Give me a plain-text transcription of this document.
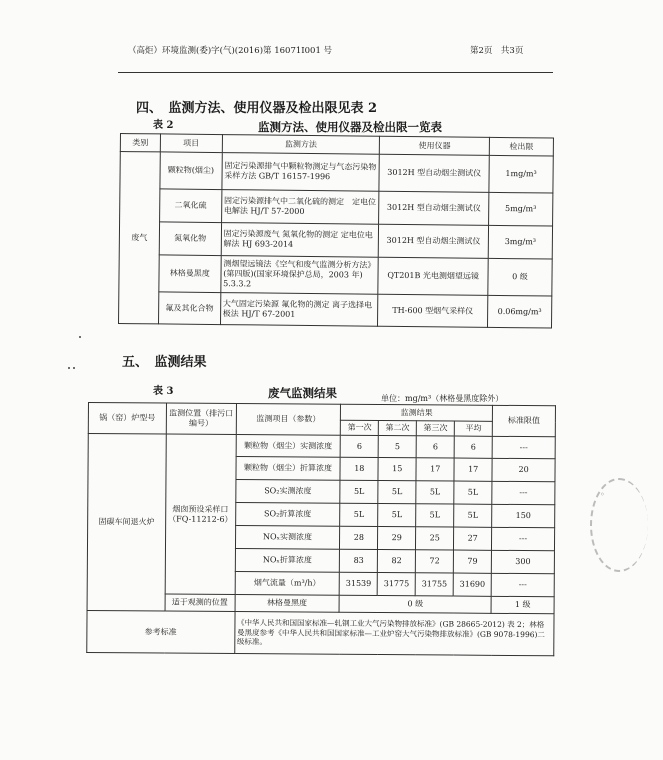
（高炬）环境监测(委)字(气)(2016)第 16071I001 号	第2页　共3页
四、　监测方法、使用仪器及检出限见表 2
表 2	监测方法、使用仪器及检出限一览表
类别	项目	监测方法	使用仪器	检出限
废气	颗粒物(烟尘)	固定污染源排气中颗粒物测定与气态污染物采样方法 GB/T 16157-1996	3012H 型自动烟尘测试仪	1mg/m³
	二氧化硫	固定污染源排气中二氧化硫的测定　定电位电解法 HJ/T 57-2000	3012H 型自动烟尘测试仪	5mg/m³
	氮氧化物	固定污染源废气 氮氧化物的测定 定电位电解法 HJ 693-2014	3012H 型自动烟尘测试仪	3mg/m³
	林格曼黑度	测烟望远镜法《空气和废气监测分析方法》(第四版)(国家环境保护总局，2003 年) 5.3.3.2	QT201B 光电测烟望远镜	0 级
	氟及其化合物	大气固定污染源 氟化物的测定 离子选择电极法 HJ/T 67-2001	TH-600 型烟气采样仪	0.06mg/m³
五、　监测结果
表 3	废气监测结果	单位：mg/m³（林格曼黑度除外）
锅（窑）炉型号	监测位置（排污口编号）	监测项目（参数）	监测结果				标准限值
			第一次	第二次	第三次	平均	
固碳车间退火炉	烟囱预设采样口（FQ-11212-6）	颗粒物（烟尘）实测浓度	6	5	6	6	---
		颗粒物（烟尘）折算浓度	18	15	17	17	20
		SO₂实测浓度	5L	5L	5L	5L	---
		SO₂折算浓度	5L	5L	5L	5L	150
		NOₓ实测浓度	28	29	25	27	---
		NOₓ折算浓度	83	82	72	79	300
		烟气流量（m³/h）	31539	31775	31755	31690	---
	适于观测的位置	林格曼黑度	0 级				1 级
参考标准		《中华人民共和国国家标准—轧钢工业大气污染物排放标准》(GB 28665-2012) 表 2；林格曼黑度参考《中华人民共和国国家标准—工业炉窑大气污染物排放标准》(GB 9078-1996)二级标准。					
◦
